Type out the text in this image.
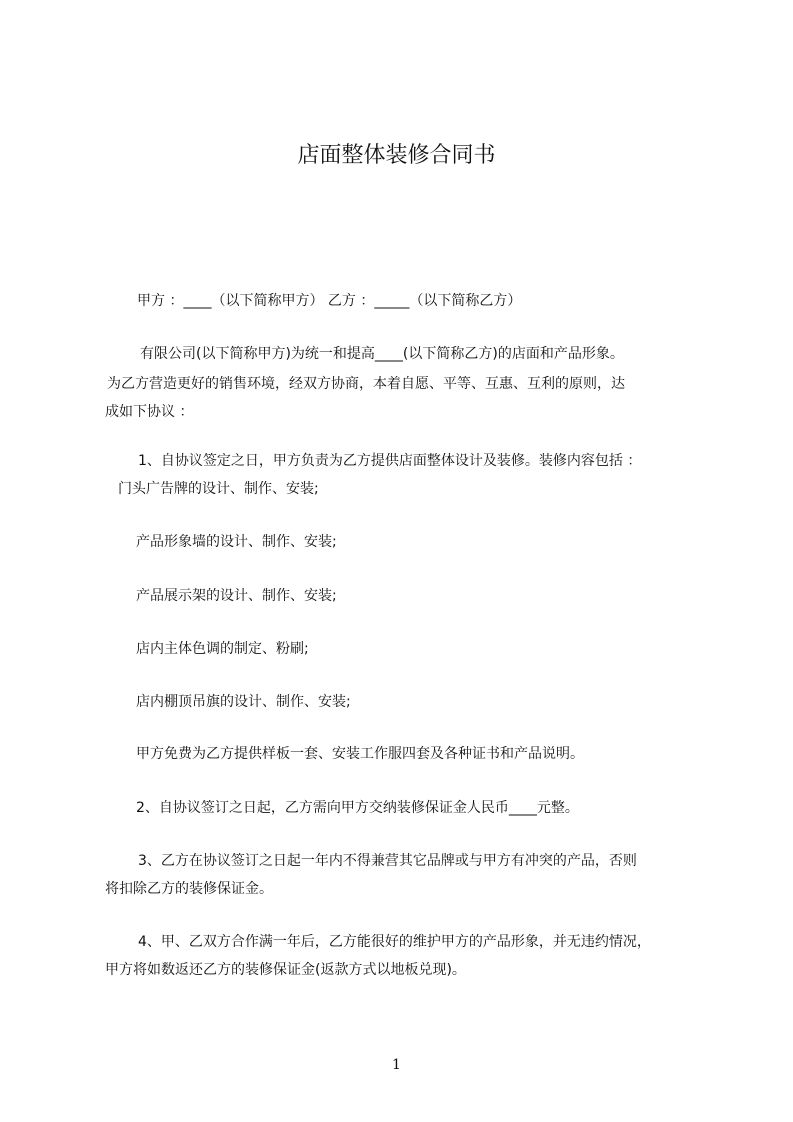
店面整体装修合同书
甲方 ：____（以下简称甲方） 乙方 ：_____（以下简称乙方）
有限公司(以下简称甲方)为统一和提高____(以下简称乙方)的店面和产品形象。
为乙方营造更好的销售环境，经双方协商，本着自愿、平等、互惠、互利的原则，达
成如下协议 ：
1、自协议签定之日，甲方负责为乙方提供店面整体设计及装修。装修内容包括 ：
门头广告牌的设计、制作、安装;
产品形象墙的设计、制作、安装;
产品展示架的设计、制作、安装;
店内主体色调的制定、粉刷;
店内棚顶吊旗的设计、制作、安装;
甲方免费为乙方提供样板一套、安装工作服四套及各种证书和产品说明。
2、自协议签订之日起，乙方需向甲方交纳装修保证金人民币____元整。
3、乙方在协议签订之日起一年内不得兼营其它品牌或与甲方有冲突的产品，否则
将扣除乙方的装修保证金。
4、甲、乙双方合作满一年后，乙方能很好的维护甲方的产品形象，并无违约情况，
甲方将如数返还乙方的装修保证金(返款方式以地板兑现)。
1
